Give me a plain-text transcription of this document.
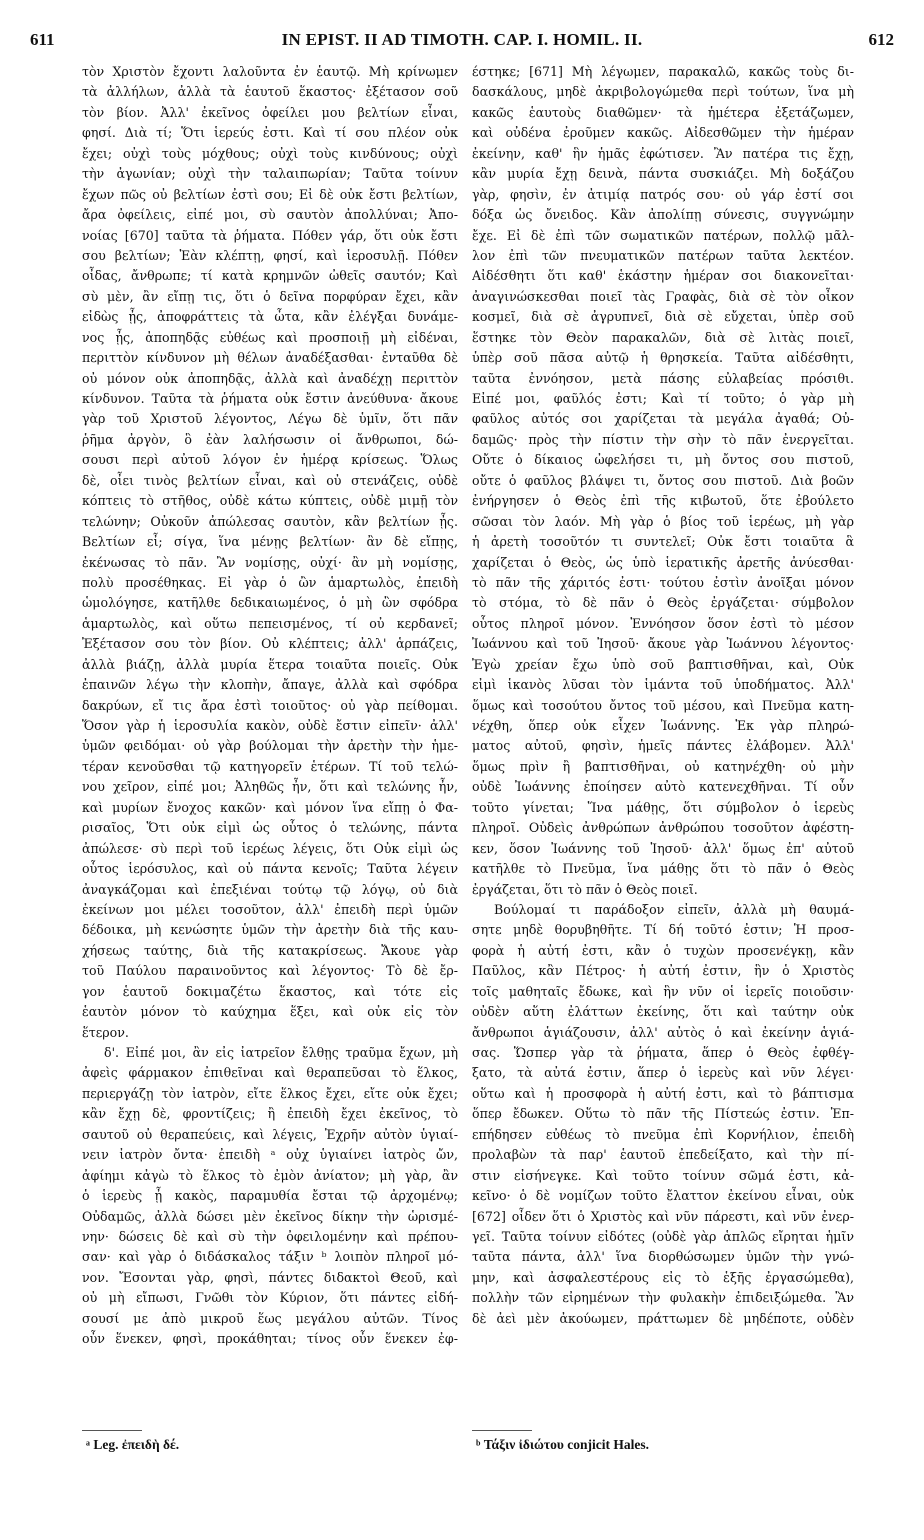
611	IN EPIST. II AD TIMOTH. CAP. I. HOMIL. II.	612
τὸν Χριστὸν ἔχοντι λαλοῦντα ἐν ἑαυτῷ. Μὴ κρίνωμεν
τὰ ἀλλήλων, ἀλλὰ τὰ ἑαυτοῦ ἕκαστος· ἐξέτασον σοῦ
τὸν βίον. Ἀλλ' ἐκεῖνος ὀφείλει μου βελτίων εἶναι,
φησί. Διὰ τί; Ὅτι ἱερεύς ἐστι. Καὶ τί σου πλέον οὐκ
ἔχει; οὐχὶ τοὺς μόχθους; οὐχὶ τοὺς κινδύνους; οὐχὶ
τὴν ἀγωνίαν; οὐχὶ τὴν ταλαιπωρίαν; Ταῦτα τοίνυν
ἔχων πῶς οὐ βελτίων ἐστὶ σου; Εἰ δὲ οὐκ ἔστι βελτίων,
ἄρα ὀφείλεις, εἰπέ μοι, σὺ σαυτὸν ἀπολλύναι; Ἀπο-
νοίας [670] ταῦτα τὰ ῥήματα. Πόθεν γάρ, ὅτι οὐκ ἔστι
σου βελτίων; Ἐὰν κλέπτῃ, φησί, καὶ ἱεροσυλῇ. Πόθεν
οἶδας, ἄνθρωπε; τί κατὰ κρημνῶν ὠθεῖς σαυτόν; Καὶ
σὺ μὲν, ἂν εἴπῃ τις, ὅτι ὁ δεῖνα πορφύραν ἔχει, κἂν
εἰδὼς ᾖς, ἀποφράττεις τὰ ὦτα, κἂν ἐλέγξαι δυνάμε-
νος ᾖς, ἀποπηδᾷς εὐθέως καὶ προσποιῇ μὴ εἰδέναι,
περιττὸν κίνδυνον μὴ θέλων ἀναδέξασθαι· ἐνταῦθα δὲ
οὐ μόνον οὐκ ἀποπηδᾷς, ἀλλὰ καὶ ἀναδέχῃ περιττὸν
κίνδυνον. Ταῦτα τὰ ῥήματα οὐκ ἔστιν ἀνεύθυνα· ἄκουε
γὰρ τοῦ Χριστοῦ λέγοντος, Λέγω δὲ ὑμῖν, ὅτι πᾶν
ῥῆμα ἀργὸν, ὃ ἐὰν λαλήσωσιν οἱ ἄνθρωποι, δώ-
σουσι περὶ αὐτοῦ λόγον ἐν ἡμέρᾳ κρίσεως. Ὅλως
δὲ, οἶει τινὸς βελτίων εἶναι, καὶ οὐ στενάζεις, οὐδὲ
κόπτεις τὸ στῆθος, οὐδὲ κάτω κύπτεις, οὐδὲ μιμῇ τὸν
τελώνην; Οὐκοῦν ἀπώλεσας σαυτὸν, κἂν βελτίων ᾖς.
Βελτίων εἶ; σίγα, ἵνα μένῃς βελτίων· ἂν δὲ εἴπῃς,
ἐκένωσας τὸ πᾶν. Ἂν νομίσῃς, οὐχί· ἂν μὴ νομίσῃς,
πολὺ προσέθηκας. Εἰ γὰρ ὁ ὢν ἁμαρτωλὸς, ἐπειδὴ
ὡμολόγησε, κατῆλθε δεδικαιωμένος, ὁ μὴ ὢν σφόδρα
ἁμαρτωλὸς, καὶ οὕτω πεπεισμένος, τί οὐ κερδανεῖ;
Ἐξέτασον σου τὸν βίον. Οὐ κλέπτεις; ἀλλ' ἁρπάζεις,
ἀλλὰ βιάζῃ, ἀλλὰ μυρία ἕτερα τοιαῦτα ποιεῖς. Οὐκ
ἐπαινῶν λέγω τὴν κλοπὴν, ἄπαγε, ἀλλὰ καὶ σφόδρα
δακρύων, εἴ τις ἄρα ἐστὶ τοιοῦτος· οὐ γὰρ πείθομαι.
Ὅσον γὰρ ἡ ἱεροσυλία κακὸν, οὐδὲ ἔστιν εἰπεῖν· ἀλλ'
ὑμῶν φειδόμαι· οὐ γὰρ βούλομαι τὴν ἀρετὴν τὴν ἡμε-
τέραν κενοῦσθαι τῷ κατηγορεῖν ἑτέρων. Τί τοῦ τελώ-
νου χεῖρον, εἰπέ μοι; Ἀληθῶς ἦν, ὅτι καὶ τελώνης ἦν,
καὶ μυρίων ἔνοχος κακῶν· καὶ μόνον ἵνα εἴπῃ ὁ Φα-
ρισαῖος, Ὅτι οὐκ εἰμὶ ὡς οὗτος ὁ τελώνης, πάντα
ἀπώλεσε· σὺ περὶ τοῦ ἱερέως λέγεις, ὅτι Οὐκ εἰμὶ ὡς
οὗτος ἱερόσυλος, καὶ οὐ πάντα κενοῖς; Ταῦτα λέγειν
ἀναγκάζομαι καὶ ἐπεξιέναι τούτῳ τῷ λόγῳ, οὐ διὰ
ἐκείνων μοι μέλει τοσοῦτον, ἀλλ' ἐπειδὴ περὶ ὑμῶν
δέδοικα, μὴ κενώσητε ὑμῶν τὴν ἀρετὴν διὰ τῆς καυ-
χήσεως ταύτης, διὰ τῆς κατακρίσεως. Ἄκουε γὰρ
τοῦ Παύλου παραινοῦντος καὶ λέγοντος· Τὸ δὲ ἔρ-
γον ἑαυτοῦ δοκιμαζέτω ἕκαστος, καὶ τότε εἰς
ἑαυτὸν μόνον τὸ καύχημα ἕξει, καὶ οὐκ εἰς τὸν
ἕτερον.
δ'. Εἰπέ μοι, ἂν εἰς ἰατρεῖον ἔλθῃς τραῦμα ἔχων, μὴ
ἀφεὶς φάρμακον ἐπιθεῖναι καὶ θεραπεῦσαι τὸ ἕλκος,
περιεργάζῃ τὸν ἰατρὸν, εἴτε ἕλκος ἔχει, εἴτε οὐκ ἔχει;
κἂν ἔχῃ δὲ, φροντίζεις; ἢ ἐπειδὴ ἔχει ἐκεῖνος, τὸ
σαυτοῦ οὐ θεραπεύεις, καὶ λέγεις, Ἐχρῆν αὐτὸν ὑγιαί-
νειν ἰατρὸν ὄντα· ἐπειδὴ ᵃ οὐχ ὑγιαίνει ἰατρὸς ὤν,
ἀφίημι κἀγὼ τὸ ἕλκος τὸ ἐμὸν ἀνίατον; μὴ γὰρ, ἂν
ὁ ἱερεὺς ᾖ κακὸς, παραμυθία ἔσται τῷ ἀρχομένῳ;
Οὐδαμῶς, ἀλλὰ δώσει μὲν ἐκεῖνος δίκην τὴν ὡρισμέ-
νην· δώσεις δὲ καὶ σὺ τὴν ὀφειλομένην καὶ πρέπου-
σαν· καὶ γὰρ ὁ διδάσκαλος τάξιν ᵇ λοιπὸν πληροῖ μό-
νον. Ἔσονται γὰρ, φησὶ, πάντες διδακτοὶ Θεοῦ, καὶ
οὐ μὴ εἴπωσι, Γνῶθι τὸν Κύριον, ὅτι πάντες εἰδή-
σουσί με ἀπὸ μικροῦ ἕως μεγάλου αὐτῶν. Τίνος
οὖν ἕνεκεν, φησὶ, προκάθηται; τίνος οὖν ἕνεκεν ἐφ-
έστηκε; [671] Μὴ λέγωμεν, παρακαλῶ, κακῶς τοὺς δι-
δασκάλους, μηδὲ ἀκριβολογώμεθα περὶ τούτων, ἵνα μὴ
κακῶς ἑαυτοὺς διαθῶμεν· τὰ ἡμέτερα ἐξετάζωμεν,
καὶ οὐδένα ἐροῦμεν κακῶς. Αἰδεσθῶμεν τὴν ἡμέραν
ἐκείνην, καθ' ἣν ἡμᾶς ἐφώτισεν. Ἂν πατέρα τις ἔχῃ,
κἂν μυρία ἔχῃ δεινὰ, πάντα συσκιάζει. Μὴ δοξάζου
γὰρ, φησὶν, ἐν ἀτιμίᾳ πατρός σου· οὐ γάρ ἐστί σοι
δόξα ὡς ὄνειδος. Κἂν ἀπολίπῃ σύνεσις, συγγνώμην
ἔχε. Εἰ δὲ ἐπὶ τῶν σωματικῶν πατέρων, πολλῷ μᾶλ-
λον ἐπὶ τῶν πνευματικῶν πατέρων ταῦτα λεκτέον.
Αἰδέσθητι ὅτι καθ' ἑκάστην ἡμέραν σοι διακονεῖται·
ἀναγινώσκεσθαι ποιεῖ τὰς Γραφὰς, διὰ σὲ τὸν οἶκον
κοσμεῖ, διὰ σὲ ἀγρυπνεῖ, διὰ σὲ εὔχεται, ὑπὲρ σοῦ
ἕστηκε τὸν Θεὸν παρακαλῶν, διὰ σὲ λιτὰς ποιεῖ,
ὑπὲρ σοῦ πᾶσα αὐτῷ ἡ θρησκεία. Ταῦτα αἰδέσθητι,
ταῦτα ἐννόησον, μετὰ πάσης εὐλαβείας πρόσιθι.
Εἰπέ μοι, φαῦλός ἐστι; Καὶ τί τοῦτο; ὁ γὰρ μὴ
φαῦλος αὐτός σοι χαρίζεται τὰ μεγάλα ἀγαθά; Οὐ-
δαμῶς· πρὸς τὴν πίστιν τὴν σὴν τὸ πᾶν ἐνεργεῖται.
Οὔτε ὁ δίκαιος ὠφελήσει τι, μὴ ὄντος σου πιστοῦ,
οὔτε ὁ φαῦλος βλάψει τι, ὄντος σου πιστοῦ. Διὰ βοῶν
ἐνήργησεν ὁ Θεὸς ἐπὶ τῆς κιβωτοῦ, ὅτε ἐβούλετο
σῶσαι τὸν λαόν. Μὴ γὰρ ὁ βίος τοῦ ἱερέως, μὴ γὰρ
ἡ ἀρετὴ τοσοῦτόν τι συντελεῖ; Οὐκ ἔστι τοιαῦτα ἃ
χαρίζεται ὁ Θεὸς, ὡς ὑπὸ ἱερατικῆς ἀρετῆς ἀνύεσθαι·
τὸ πᾶν τῆς χάριτός ἐστι· τούτου ἐστὶν ἀνοῖξαι μόνον
τὸ στόμα, τὸ δὲ πᾶν ὁ Θεὸς ἐργάζεται· σύμβολον
οὗτος πληροῖ μόνον. Ἐννόησον ὅσον ἐστὶ τὸ μέσον
Ἰωάννου καὶ τοῦ Ἰησοῦ· ἄκουε γὰρ Ἰωάννου λέγοντος·
Ἐγὼ χρείαν ἔχω ὑπὸ σοῦ βαπτισθῆναι, καὶ, Οὐκ
εἰμὶ ἱκανὸς λῦσαι τὸν ἱμάντα τοῦ ὑποδήματος. Ἀλλ'
ὅμως καὶ τοσούτου ὄντος τοῦ μέσου, καὶ Πνεῦμα κατη-
νέχθη, ὅπερ οὐκ εἶχεν Ἰωάννης. Ἐκ γὰρ πληρώ-
ματος αὐτοῦ, φησὶν, ἡμεῖς πάντες ἐλάβομεν. Ἀλλ'
ὅμως πρὶν ἢ βαπτισθῆναι, οὐ κατηνέχθη· οὐ μὴν
οὐδὲ Ἰωάννης ἐποίησεν αὐτὸ κατενεχθῆναι. Τί οὖν
τοῦτο γίνεται; Ἵνα μάθῃς, ὅτι σύμβολον ὁ ἱερεὺς
πληροῖ. Οὐδεὶς ἀνθρώπων ἀνθρώπου τοσοῦτον ἀφέστη-
κεν, ὅσον Ἰωάννης τοῦ Ἰησοῦ· ἀλλ' ὅμως ἐπ' αὐτοῦ
κατῆλθε τὸ Πνεῦμα, ἵνα μάθῃς ὅτι τὸ πᾶν ὁ Θεὸς
ἐργάζεται, ὅτι τὸ πᾶν ὁ Θεὸς ποιεῖ.
Βούλομαί τι παράδοξον εἰπεῖν, ἀλλὰ μὴ θαυμά-
σητε μηδὲ θορυβηθῆτε. Τί δή τοῦτό ἐστιν; Ἡ προσ-
φορὰ ἡ αὐτή ἐστι, κἂν ὁ τυχὼν προσενέγκῃ, κἂν
Παῦλος, κἂν Πέτρος· ἡ αὐτή ἐστιν, ἣν ὁ Χριστὸς
τοῖς μαθηταῖς ἔδωκε, καὶ ἣν νῦν οἱ ἱερεῖς ποιοῦσιν·
οὐδὲν αὕτη ἐλάττων ἐκείνης, ὅτι καὶ ταύτην οὐκ
ἄνθρωποι ἁγιάζουσιν, ἀλλ' αὐτὸς ὁ καὶ ἐκείνην ἁγιά-
σας. Ὥσπερ γὰρ τὰ ῥήματα, ἅπερ ὁ Θεὸς ἐφθέγ-
ξατο, τὰ αὐτά ἐστιν, ἅπερ ὁ ἱερεὺς καὶ νῦν λέγει·
οὕτω καὶ ἡ προσφορὰ ἡ αὐτή ἐστι, καὶ τὸ βάπτισμα
ὅπερ ἔδωκεν. Οὕτω τὸ πᾶν τῆς Πίστεώς ἐστιν. Ἐπ-
επήδησεν εὐθέως τὸ πνεῦμα ἐπὶ Κορνήλιον, ἐπειδὴ
προλαβὼν τὰ παρ' ἑαυτοῦ ἐπεδείξατο, καὶ τὴν πί-
στιν εἰσήνεγκε. Καὶ τοῦτο τοίνυν σῶμά ἐστι, κἀ-
κεῖνο· ὁ δὲ νομίζων τοῦτο ἔλαττον ἐκείνου εἶναι, οὐκ
[672] οἶδεν ὅτι ὁ Χριστὸς καὶ νῦν πάρεστι, καὶ νῦν ἐνερ-
γεῖ. Ταῦτα τοίνυν εἰδότες (οὐδὲ γὰρ ἁπλῶς εἴρηται ἡμῖν
ταῦτα πάντα, ἀλλ' ἵνα διορθώσωμεν ὑμῶν τὴν γνώ-
μην, καὶ ἀσφαλεστέρους εἰς τὸ ἑξῆς ἐργασώμεθα),
πολλὴν τῶν εἰρημένων τὴν φυλακὴν ἐπιδειξώμεθα. Ἂν
δὲ ἀεὶ μὲν ἀκούωμεν, πράττωμεν δὲ μηδέποτε, οὐδὲν
ᵃ Leg. ἐπειδὴ δέ.	ᵇ Τάξιν ἰδιώτου conjicit Hales.
